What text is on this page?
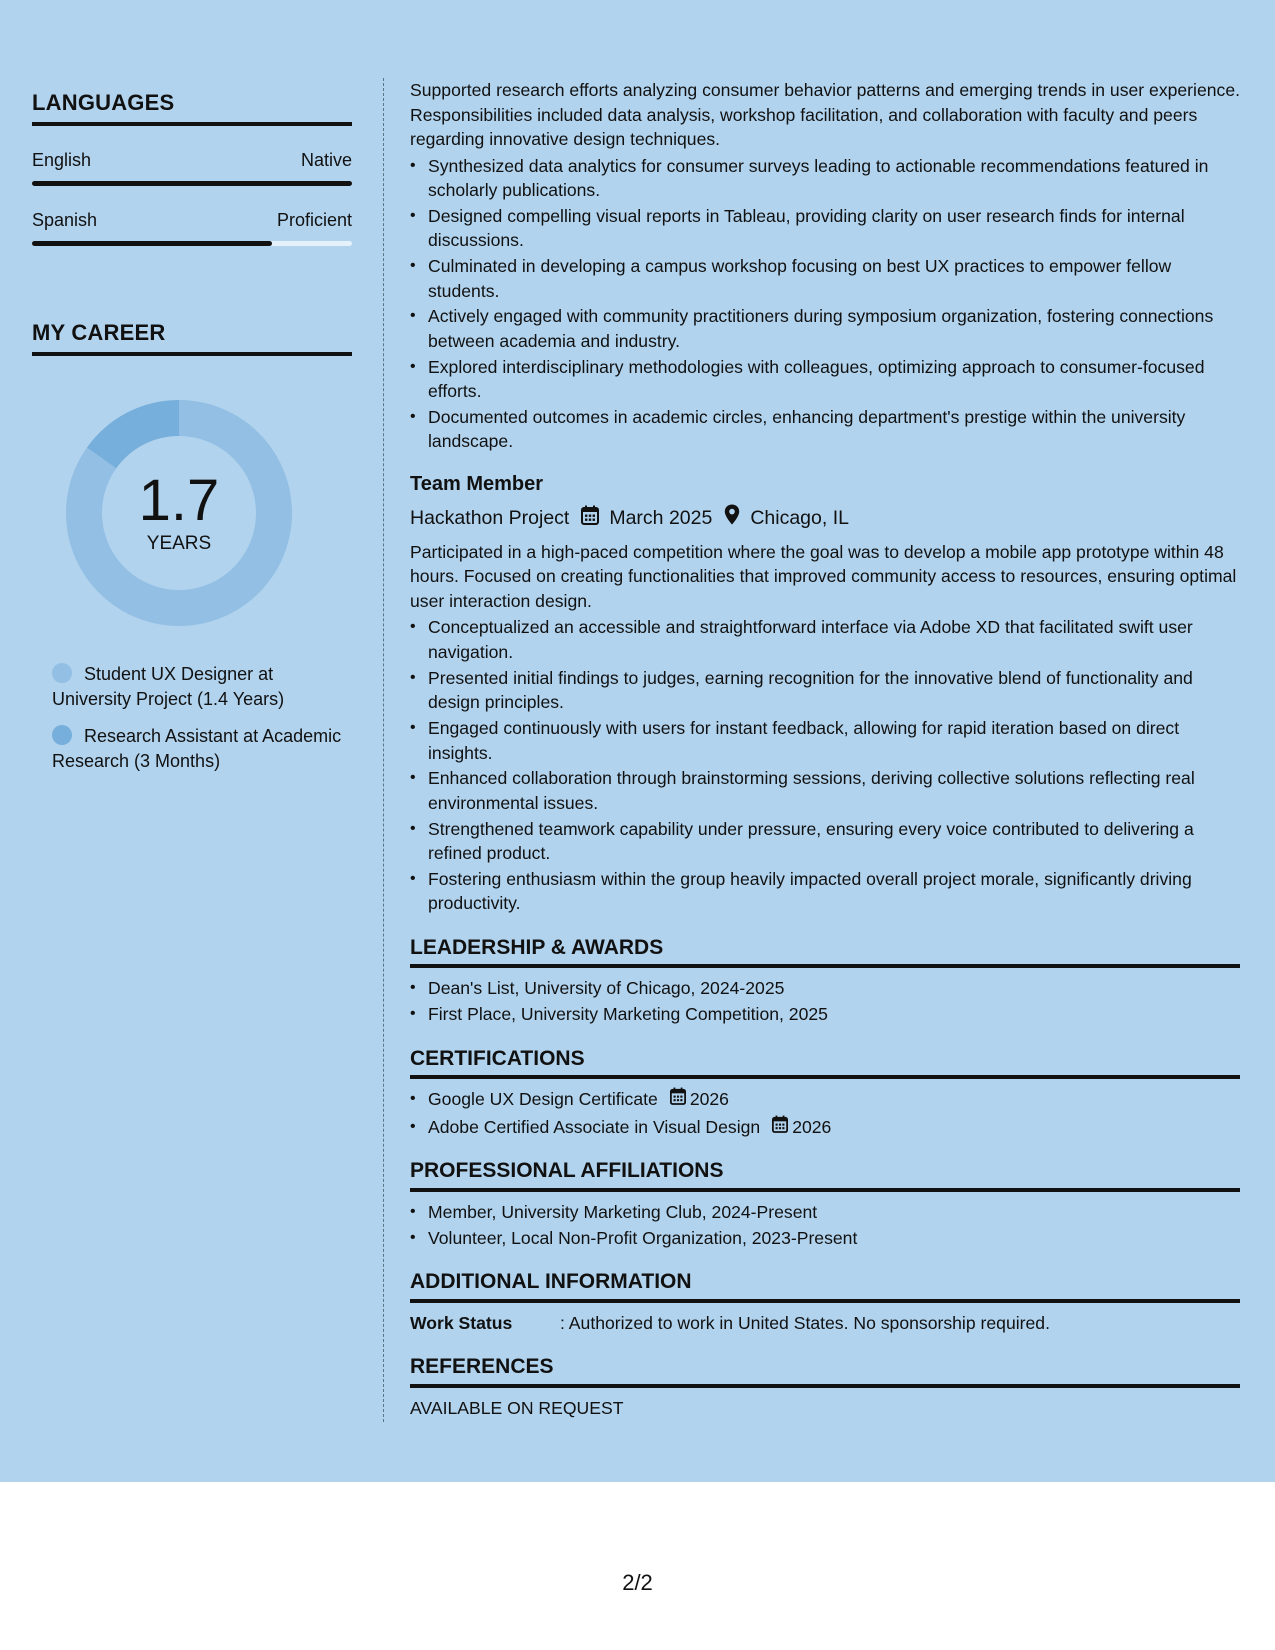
LANGUAGES
English	Native
Spanish	Proficient
MY CAREER
1.7
YEARS
Student UX Designer at University Project (1.4 Years)
Research Assistant at Academic Research (3 Months)

Supported research efforts analyzing consumer behavior patterns and emerging trends in user experience. Responsibilities included data analysis, workshop facilitation, and collaboration with faculty and peers regarding innovative design techniques.

• Synthesized data analytics for consumer surveys leading to actionable recommendations featured in scholarly publications.
• Designed compelling visual reports in Tableau, providing clarity on user research finds for internal discussions.
• Culminated in developing a campus workshop focusing on best UX practices to empower fellow students.
• Actively engaged with community practitioners during symposium organization, fostering connections between academia and industry.
• Explored interdisciplinary methodologies with colleagues, optimizing approach to consumer-focused efforts.
• Documented outcomes in academic circles, enhancing department's prestige within the university landscape.
Team Member
Hackathon Project March 2025 Chicago, IL

Participated in a high-paced competition where the goal was to develop a mobile app prototype within 48 hours. Focused on creating functionalities that improved community access to resources, ensuring optimal user interaction design.

• Conceptualized an accessible and straightforward interface via Adobe XD that facilitated swift user navigation.
• Presented initial findings to judges, earning recognition for the innovative blend of functionality and design principles.
• Engaged continuously with users for instant feedback, allowing for rapid iteration based on direct insights.
• Enhanced collaboration through brainstorming sessions, deriving collective solutions reflecting real environmental issues.
• Strengthened teamwork capability under pressure, ensuring every voice contributed to delivering a refined product.
• Fostering enthusiasm within the group heavily impacted overall project morale, significantly driving productivity.
LEADERSHIP & AWARDS
• Dean's List, University of Chicago, 2024-2025
• First Place, University Marketing Competition, 2025
CERTIFICATIONS
• Google UX Design Certificate 2026
• Adobe Certified Associate in Visual Design 2026
PROFESSIONAL AFFILIATIONS
• Member, University Marketing Club, 2024-Present
• Volunteer, Local Non-Profit Organization, 2023-Present
ADDITIONAL INFORMATION
Work Status	: Authorized to work in United States. No sponsorship required.
REFERENCES
AVAILABLE ON REQUEST
2/2
